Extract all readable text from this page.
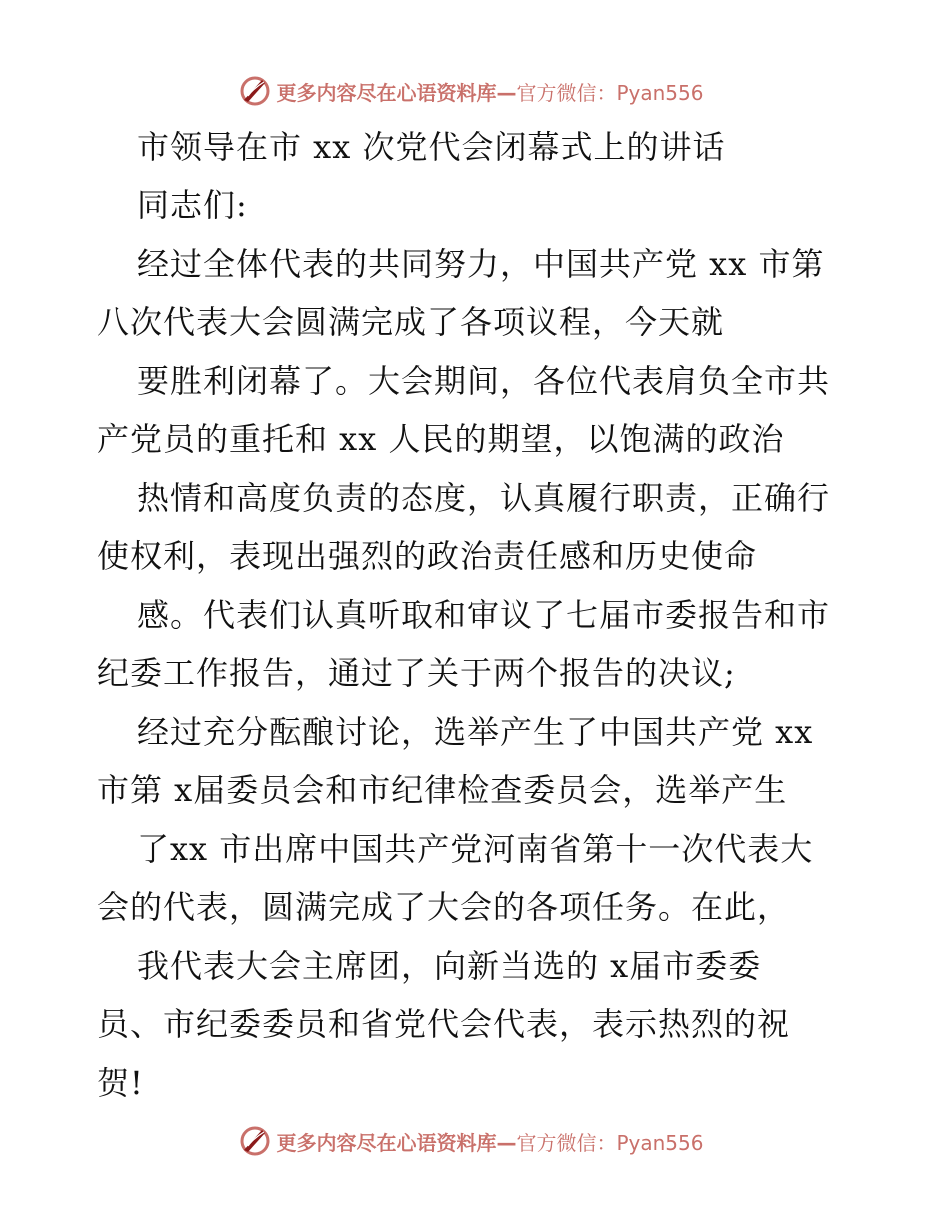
更多内容尽在心语资料库—官方微信：Pyan556
市领导在市 xx 次党代会闭幕式上的讲话
同志们:
经过全体代表的共同努力，中国共产党 xx 市第
八次代表大会圆满完成了各项议程，今天就
要胜利闭幕了。大会期间，各位代表肩负全市共
产党员的重托和 xx 人民的期望，以饱满的政治
热情和高度负责的态度，认真履行职责，正确行
使权利，表现出强烈的政治责任感和历史使命
感。代表们认真听取和审议了七届市委报告和市
纪委工作报告，通过了关于两个报告的决议;
经过充分酝酿讨论，选举产生了中国共产党 xx
市第 x届委员会和市纪律检查委员会，选举产生
了xx 市出席中国共产党河南省第十一次代表大
会的代表，圆满完成了大会的各项任务。在此，
我代表大会主席团，向新当选的 x届市委委
员、市纪委委员和省党代会代表，表示热烈的祝
贺!
更多内容尽在心语资料库—官方微信：Pyan556
